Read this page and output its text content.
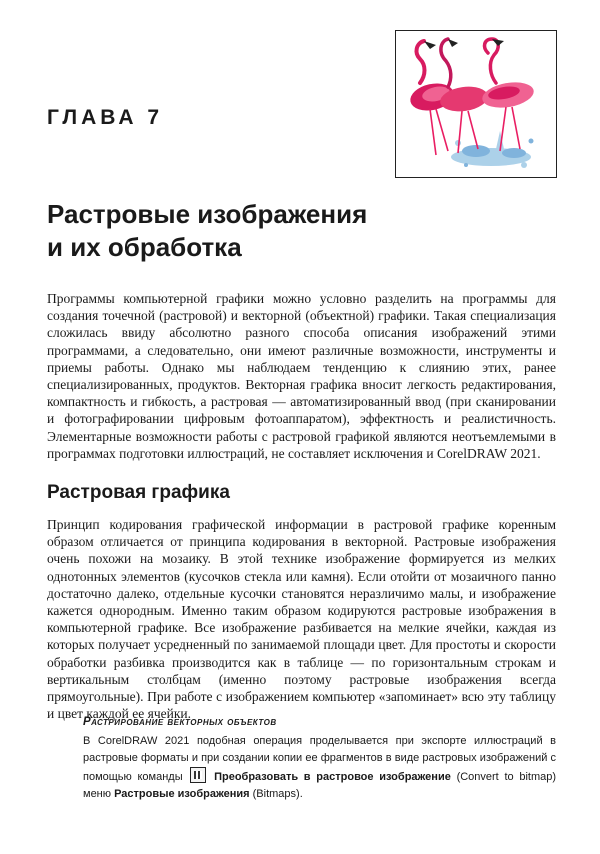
ГЛАВА 7
Растровые изображения
и их обработка

Программы компьютерной графики можно условно разделить на программы для создания точечной (растровой) и векторной (объектной) графики. Такая специализация сложилась ввиду абсолютно разного способа описания изображений этими программами, а следовательно, они имеют различные возможности, инструменты и приемы работы. Однако мы наблюдаем тенденцию к слиянию этих, ранее специализированных, продуктов. Векторная графика вносит легкость редактирования, компактность и гибкость, а растровая — автоматизированный ввод (при сканировании и фотографировании цифровым фотоаппаратом), эффектность и реалистичность. Элементарные возможности работы с растровой графикой являются неотъемлемыми в программах подготовки иллюстраций, не составляет исключения и CorelDRAW 2021.

Растровая графика

Принцип кодирования графической информации в растровой графике коренным образом отличается от принципа кодирования в векторной. Растровые изображения очень похожи на мозаику. В этой технике изображение формируется из мелких однотонных элементов (кусочков стекла или камня). Если отойти от мозаичного панно достаточно далеко, отдельные кусочки становятся неразличимо малы, и изображение кажется однородным. Именно таким образом кодируются растровые изображения в компьютерной графике. Все изображение разбивается на мелкие ячейки, каждая из которых получает усредненный по занимаемой площади цвет. Для простоты и скорости обработки разбивка производится как в таблице — по горизонтальным строкам и вертикальным столбцам (именно поэтому растровые изображения всегда прямоугольные). При работе с изображением компьютер «запоминает» всю эту таблицу и цвет каждой ее ячейки.

Растрирование векторных объектов

В CorelDRAW 2021 подобная операция проделывается при экспорте иллюстраций в растровые форматы и при создании копии ее фрагментов в виде растровых изображений с помощью команды	Преобразовать в растровое изображение (Convert to bitmap) меню Растровые изображения (Bitmaps).
